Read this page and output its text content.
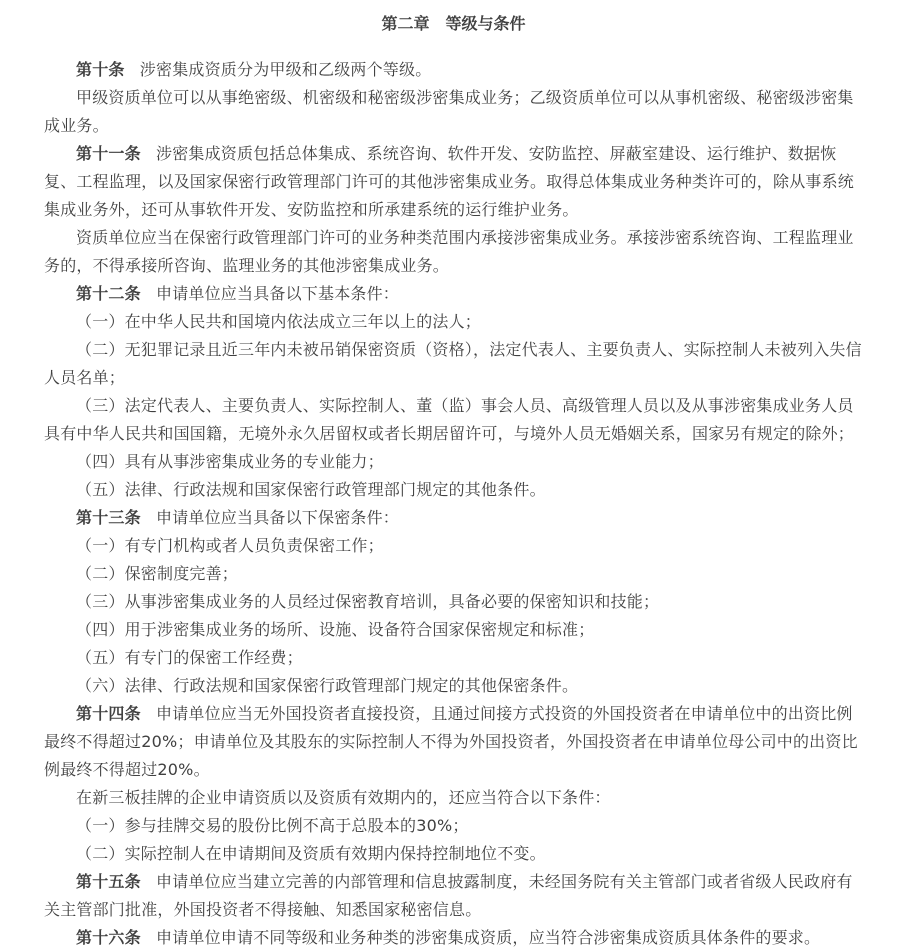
第二章　等级与条件

第十条 涉密集成资质分为甲级和乙级两个等级。

甲级资质单位可以从事绝密级、机密级和秘密级涉密集成业务；乙级资质单位可以从事机密级、秘密级涉密集成业务。

第十一条 涉密集成资质包括总体集成、系统咨询、软件开发、安防监控、屏蔽室建设、运行维护、数据恢复、工程监理，以及国家保密行政管理部门许可的其他涉密集成业务。取得总体集成业务种类许可的，除从事系统集成业务外，还可从事软件开发、安防监控和所承建系统的运行维护业务。

资质单位应当在保密行政管理部门许可的业务种类范围内承接涉密集成业务。承接涉密系统咨询、工程监理业务的，不得承接所咨询、监理业务的其他涉密集成业务。

第十二条 申请单位应当具备以下基本条件：

（一）在中华人民共和国境内依法成立三年以上的法人；

（二）无犯罪记录且近三年内未被吊销保密资质（资格），法定代表人、主要负责人、实际控制人未被列入失信人员名单；

（三）法定代表人、主要负责人、实际控制人、董（监）事会人员、高级管理人员以及从事涉密集成业务人员具有中华人民共和国国籍，无境外永久居留权或者长期居留许可，与境外人员无婚姻关系，国家另有规定的除外；

（四）具有从事涉密集成业务的专业能力；

（五）法律、行政法规和国家保密行政管理部门规定的其他条件。

第十三条 申请单位应当具备以下保密条件：

（一）有专门机构或者人员负责保密工作；

（二）保密制度完善；

（三）从事涉密集成业务的人员经过保密教育培训，具备必要的保密知识和技能；

（四）用于涉密集成业务的场所、设施、设备符合国家保密规定和标准；

（五）有专门的保密工作经费；

（六）法律、行政法规和国家保密行政管理部门规定的其他保密条件。

第十四条 申请单位应当无外国投资者直接投资，且通过间接方式投资的外国投资者在申请单位中的出资比例最终不得超过20%；申请单位及其股东的实际控制人不得为外国投资者，外国投资者在申请单位母公司中的出资比例最终不得超过20%。

在新三板挂牌的企业申请资质以及资质有效期内的，还应当符合以下条件：

（一）参与挂牌交易的股份比例不高于总股本的30%；

（二）实际控制人在申请期间及资质有效期内保持控制地位不变。

第十五条 申请单位应当建立完善的内部管理和信息披露制度，未经国务院有关主管部门或者省级人民政府有关主管部门批准，外国投资者不得接触、知悉国家秘密信息。

第十六条 申请单位申请不同等级和业务种类的涉密集成资质，应当符合涉密集成资质具体条件的要求。
